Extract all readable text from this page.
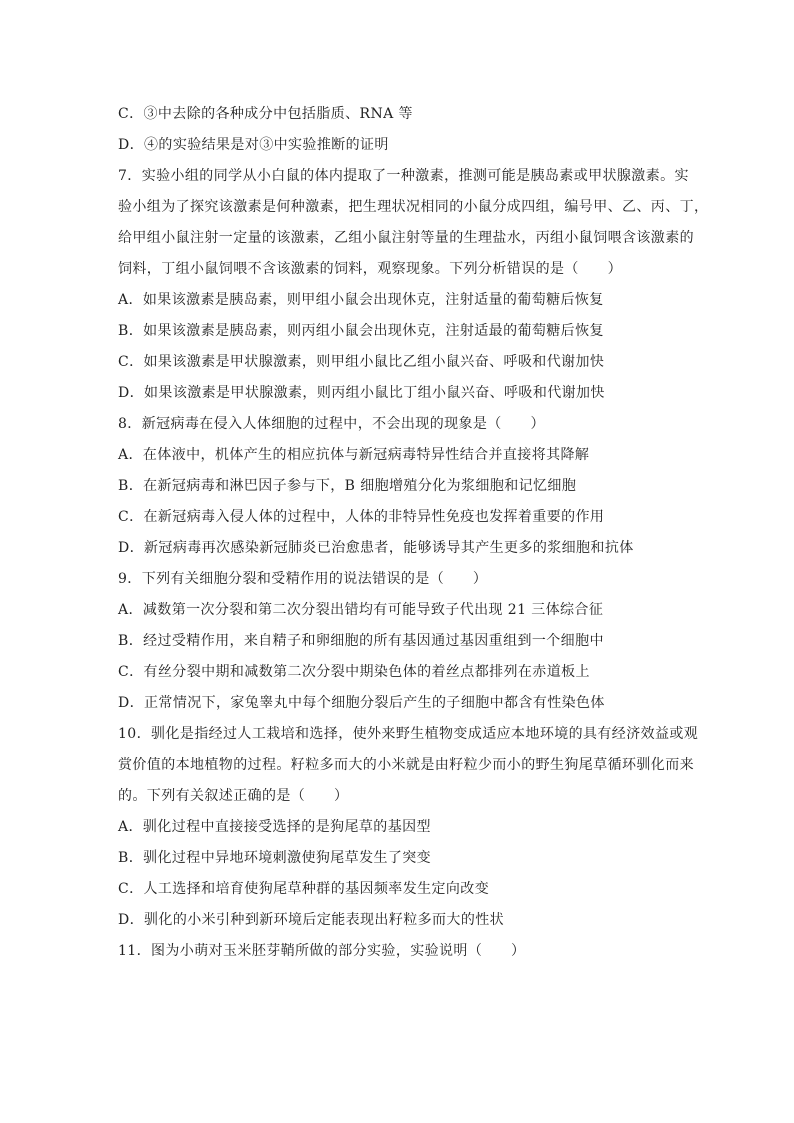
C．③中去除的各种成分中包括脂质、RNA 等
D．④的实验结果是对③中实验推断的证明
7．实验小组的同学从小白鼠的体内提取了一种激素，推测可能是胰岛素或甲状腺激素。实
验小组为了探究该激素是何种激素，把生理状况相同的小鼠分成四组，编号甲、乙、丙、丁，
给甲组小鼠注射一定量的该激素，乙组小鼠注射等量的生理盐水，丙组小鼠饲喂含该激素的
饲料，丁组小鼠饲喂不含该激素的饲料，观察现象。下列分析错误的是（　　）
A．如果该激素是胰岛素，则甲组小鼠会出现休克，注射适量的葡萄糖后恢复
B．如果该激素是胰岛素，则丙组小鼠会出现休克，注射适最的葡萄糖后恢复
C．如果该激素是甲状腺激素，则甲组小鼠比乙组小鼠兴奋、呼吸和代谢加快
D．如果该激素是甲状腺激素，则丙组小鼠比丁组小鼠兴奋、呼吸和代谢加快
8．新冠病毒在侵入人体细胞的过程中，不会出现的现象是（　　）
A．在体液中，机体产生的相应抗体与新冠病毒特异性结合并直接将其降解
B．在新冠病毒和淋巴因子参与下，B 细胞增殖分化为浆细胞和记忆细胞
C．在新冠病毒入侵人体的过程中，人体的非特异性免疫也发挥着重要的作用
D．新冠病毒再次感染新冠肺炎已治愈患者，能够诱导其产生更多的浆细胞和抗体
9．下列有关细胞分裂和受精作用的说法错误的是（　　）
A．减数第一次分裂和第二次分裂出错均有可能导致子代出现 21 三体综合征
B．经过受精作用，来自精子和卵细胞的所有基因通过基因重组到一个细胞中
C．有丝分裂中期和减数第二次分裂中期染色体的着丝点都排列在赤道板上
D．正常情况下，家兔睾丸中每个细胞分裂后产生的子细胞中都含有性染色体
10．驯化是指经过人工栽培和选择，使外来野生植物变成适应本地环境的具有经济效益或观
赏价值的本地植物的过程。籽粒多而大的小米就是由籽粒少而小的野生狗尾草循环驯化而来
的。下列有关叙述正确的是（　　）
A．驯化过程中直接接受选择的是狗尾草的基因型
B．驯化过程中异地环境刺激使狗尾草发生了突变
C．人工选择和培育使狗尾草种群的基因频率发生定向改变
D．驯化的小米引种到新环境后定能表现出籽粒多而大的性状
11．图为小萌对玉米胚芽鞘所做的部分实验，实验说明（　　）
